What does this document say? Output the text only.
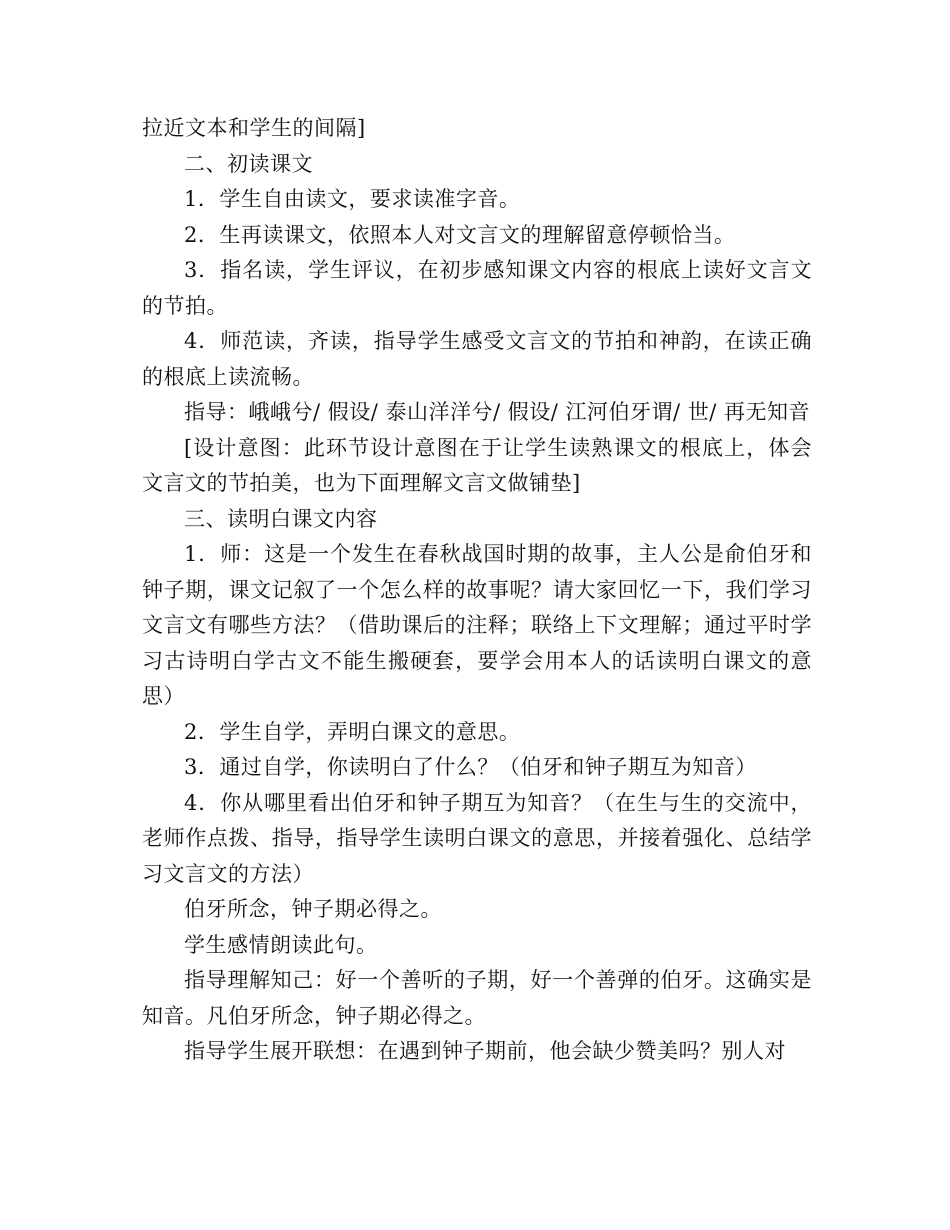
拉近文本和学生的间隔]

二、初读课文

1．学生自由读文，要求读准字音。

2．生再读课文，依照本人对文言文的理解留意停顿恰当。

3．指名读，学生评议，在初步感知课文内容的根底上读好文言文的节拍。

4．师范读，齐读，指导学生感受文言文的节拍和神韵，在读正确的根底上读流畅。

指导：峨峨兮/ 假设/ 泰山洋洋兮/ 假设/ 江河伯牙谓/ 世/ 再无知音

[设计意图：此环节设计意图在于让学生读熟课文的根底上，体会文言文的节拍美，也为下面理解文言文做铺垫]

三、读明白课文内容

1．师：这是一个发生在春秋战国时期的故事，主人公是俞伯牙和钟子期，课文记叙了一个怎么样的故事呢？请大家回忆一下，我们学习文言文有哪些方法？（借助课后的注释；联络上下文理解；通过平时学习古诗明白学古文不能生搬硬套，要学会用本人的话读明白课文的意思）

2．学生自学，弄明白课文的意思。

3．通过自学，你读明白了什么？（伯牙和钟子期互为知音）

4．你从哪里看出伯牙和钟子期互为知音？（在生与生的交流中，老师作点拨、指导，指导学生读明白课文的意思，并接着强化、总结学习文言文的方法）

伯牙所念，钟子期必得之。

学生感情朗读此句。

指导理解知己：好一个善听的子期，好一个善弹的伯牙。这确实是知音。凡伯牙所念，钟子期必得之。

指导学生展开联想：在遇到钟子期前，他会缺少赞美吗？别人对
